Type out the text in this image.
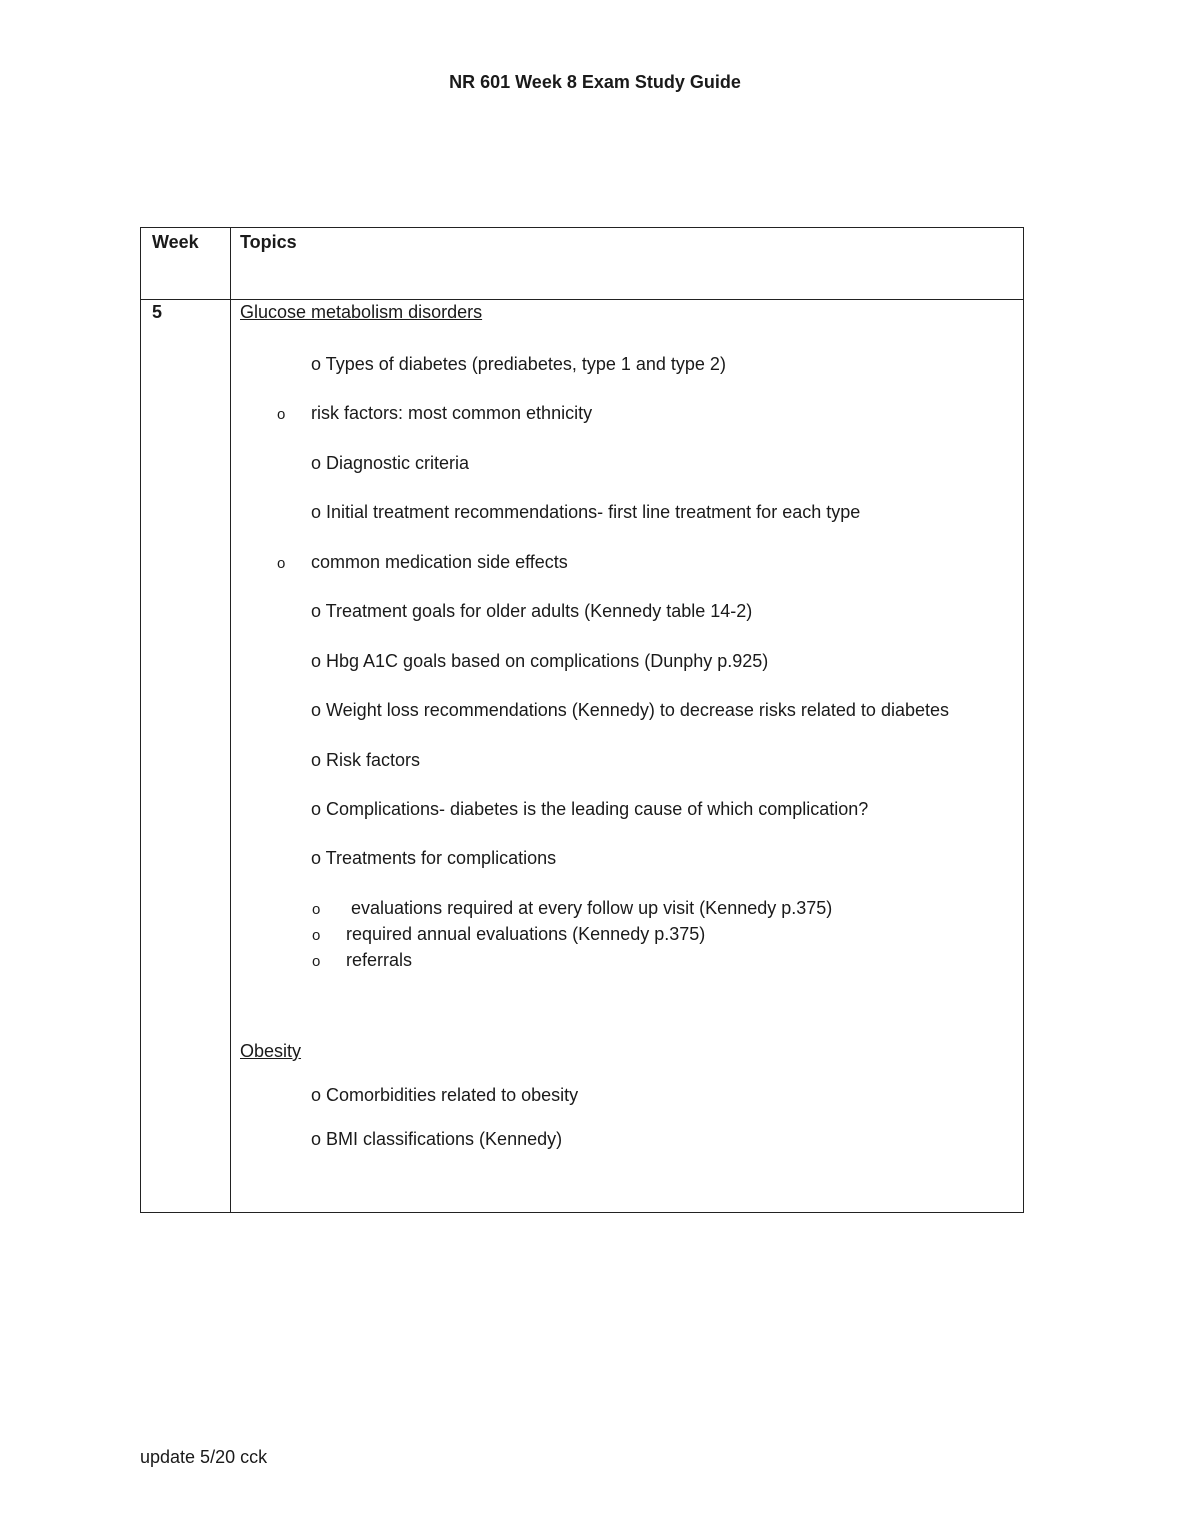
NR 601 Week 8 Exam Study Guide
Week Topics
5	Glucose metabolism disorders
o Types of diabetes (prediabetes, type 1 and type 2)
o risk factors: most common ethnicity
o Diagnostic criteria
o Initial treatment recommendations- first line treatment for each type
o common medication side effects
o Treatment goals for older adults (Kennedy table 14-2)
o Hbg A1C goals based on complications (Dunphy p.925)
o Weight loss recommendations (Kennedy) to decrease risks related to diabetes
o Risk factors
o Complications- diabetes is the leading cause of which complication?
o Treatments for complications
o evaluations required at every follow up visit (Kennedy p.375)
o required annual evaluations (Kennedy p.375)
o referrals
Obesity
o Comorbidities related to obesity
o BMI classifications (Kennedy)
update 5/20 cck
